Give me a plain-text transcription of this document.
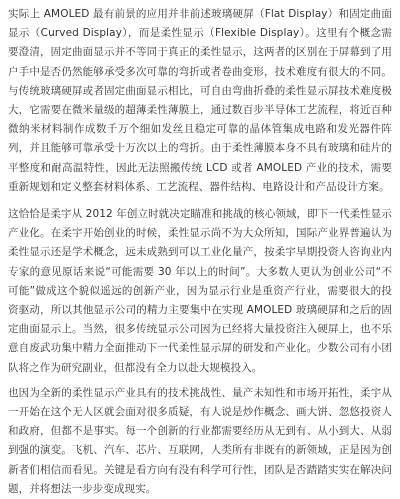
实际上 AMOLED 最有前景的应用并非前述玻璃硬屏（Flat Display）和固定曲面显示（Curved Display），而是柔性显示（Flexible Display）。这里有个概念需要澄清，固定曲面显示并不等同于真正的柔性显示，这两者的区别在于屏幕到了用户手中是否仍然能够承受多次可靠的弯折或者卷曲变形，技术难度有很大的不同。与传统玻璃硬屏或者固定曲面显示相比，可自由弯曲折叠的柔性显示屏技术难度极大，它需要在微米量级的超薄柔性薄膜上，通过数百步半导体工艺流程，将近百种微纳米材料制作成数千万个细如发丝且稳定可靠的晶体管集成电路和发光器件阵列，并且能够可靠承受十万次以上的弯折。由于柔性薄膜本身不具有玻璃和硅片的平整度和耐高温特性，因此无法照搬传统 LCD 或者 AMOLED 产业的技术，需要重新规划和定义整套材料体系、工艺流程、器件结构、电路设计和产品设计方案。

这恰恰是柔宇从 2012 年创立时就决定瞄准和挑战的核心领域，即下一代柔性显示产业化。在柔宇开始创业的时候，柔性显示尚不为大众所知，国际产业界普遍认为柔性显示还是学术概念，远未成熟到可以工业化量产，按柔宇早期投资人咨询业内专家的意见原话来说“可能需要 30 年以上的时间”。大多数人更认为创业公司“不可能”做成这个貌似遥远的创新产业，因为显示行业是重资产行业，需要很大的投资驱动，所以其他显示公司的精力主要集中在实现 AMOLED 玻璃硬屏和之后的固定曲面显示上。当然，很多传统显示公司因为已经将大量投资注入硬屏上，也不乐意自废武功集中精力全面推动下一代柔性显示屏的研发和产业化。少数公司有小团队将之作为研究副业，但都没有全力以赴大规模投入。

也因为全新的柔性显示产业具有的技术挑战性、量产未知性和市场开拓性，柔宇从一开始在这个无人区就会面对很多质疑，有人说是炒作概念、画大饼、忽悠投资人和政府，但都不是事实。每一个创新的行业都需要经历从无到有、从小到大、从弱到强的演变。飞机、汽车、芯片、互联网，人类所有非既有的新领域，正是因为创新者们相信而看见。关键是看方向有没有科学可行性，团队是否踏踏实实在解决问题，并将想法一步步变成现实。
